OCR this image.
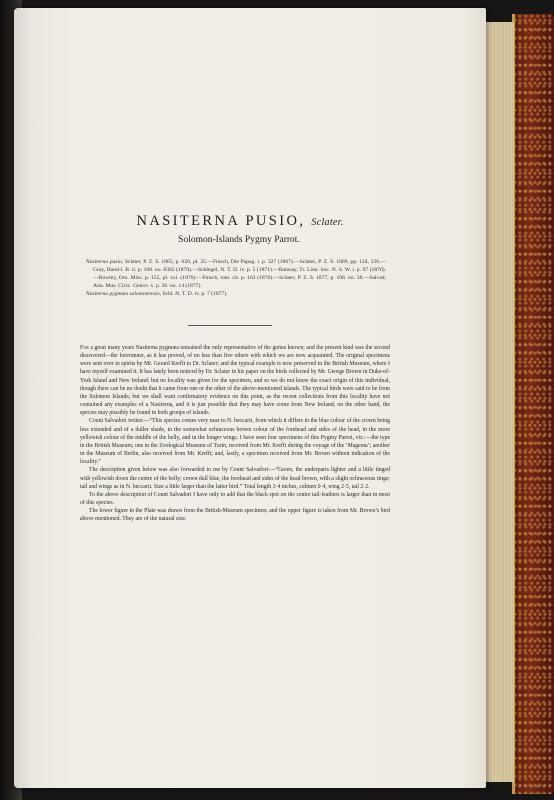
NASITERNA PUSIO, Sclater.
Solomon-Islands Pygmy Parrot.

Nasiterna pusio, Sclater, P. Z. S. 1865, p. 620, pl. 35.—Finsch, Die Papag. i. p. 327 (1867).—Sclater, P. Z. S. 1869, pp. 124, 126.—Gray, Hand-l. B. ii. p. 168. no. 8382 (1870).—Schlegel, N. T. D. iv. p. 5 (1871).—Ramsay, Tr. Linn. Soc. N. S. W. i. p. 67 (1876).—Rowley, Orn. Misc. p. 155, pl. xxi. (1876).—Finsch, tom. cit. p. 163 (1876).—Sclater, P. Z. S. 1877, p. 108. no. 38.—Salvad. Ann. Mus. Civic. Genov. x. p. 26. no. 14 (1877).

Nasiterna pygmæa salomonensis, Schl. N. T. D. iv. p. 7 (1877).

For a great many years Nasiterna pygmæa remained the only representative of the genus known; and the present kind was the second discovered—the forerunner, as it has proved, of no less than five others with which we are now acquainted. The original specimens were sent over in spirits by Mr. Gerard Krefft to Dr. Sclater; and the typical example is now preserved in the British Museum, where I have myself examined it. It has lately been noticed by Dr. Sclater in his paper on the birds collected by Mr. George Brown in Duke-of-York Island and New Ireland; but no locality was given for the specimen, and so we do not know the exact origin of this individual, though there can be no doubt that it came from one or the other of the above-mentioned islands. The typical birds were said to be from the Solomon Islands; but we shall want confirmatory evidence on this point, as the recent collections from this locality have not contained any examples of a Nasiterna, and it is just possible that they may have come from New Ireland; on the other hand, the species may possibly be found in both groups of islands.

Count Salvadori writes:—“This species comes very near to N. beccarii, from which it differs in the blue colour of the crown being less extended and of a duller shade, in the somewhat ochraceous brown colour of the forehead and sides of the head, in the more yellowish colour of the middle of the belly, and in the longer wings. I have seen four specimens of this Pygmy Parrot, viz.:—the type in the British Museum; one in the Zoological Museum of Turin, received from Mr. Krefft during the voyage of the ‘Magenta’; another in the Museum of Berlin, also received from Mr. Krefft; and, lastly, a specimen received from Mr. Brown without indication of the locality.”

The description given below was also forwarded to me by Count Salvadori:—“Green, the underparts lighter and a little tinged with yellowish down the centre of the belly; crown dull blue, the forehead and sides of the head brown, with a slight ochraceous tinge; tail and wings as in N. beccarii. Size a little larger than the latter bird.” Total length 3·4 inches, culmen 0·4, wing 2·5, tail 2·2.

To the above description of Count Salvadori I have only to add that the black spot on the centre tail-feathers is larger than in most of this species.

The lower figure in the Plate was drawn from the British-Museum specimen; and the upper figure is taken from Mr. Brown’s bird above mentioned. They are of the natural size.
